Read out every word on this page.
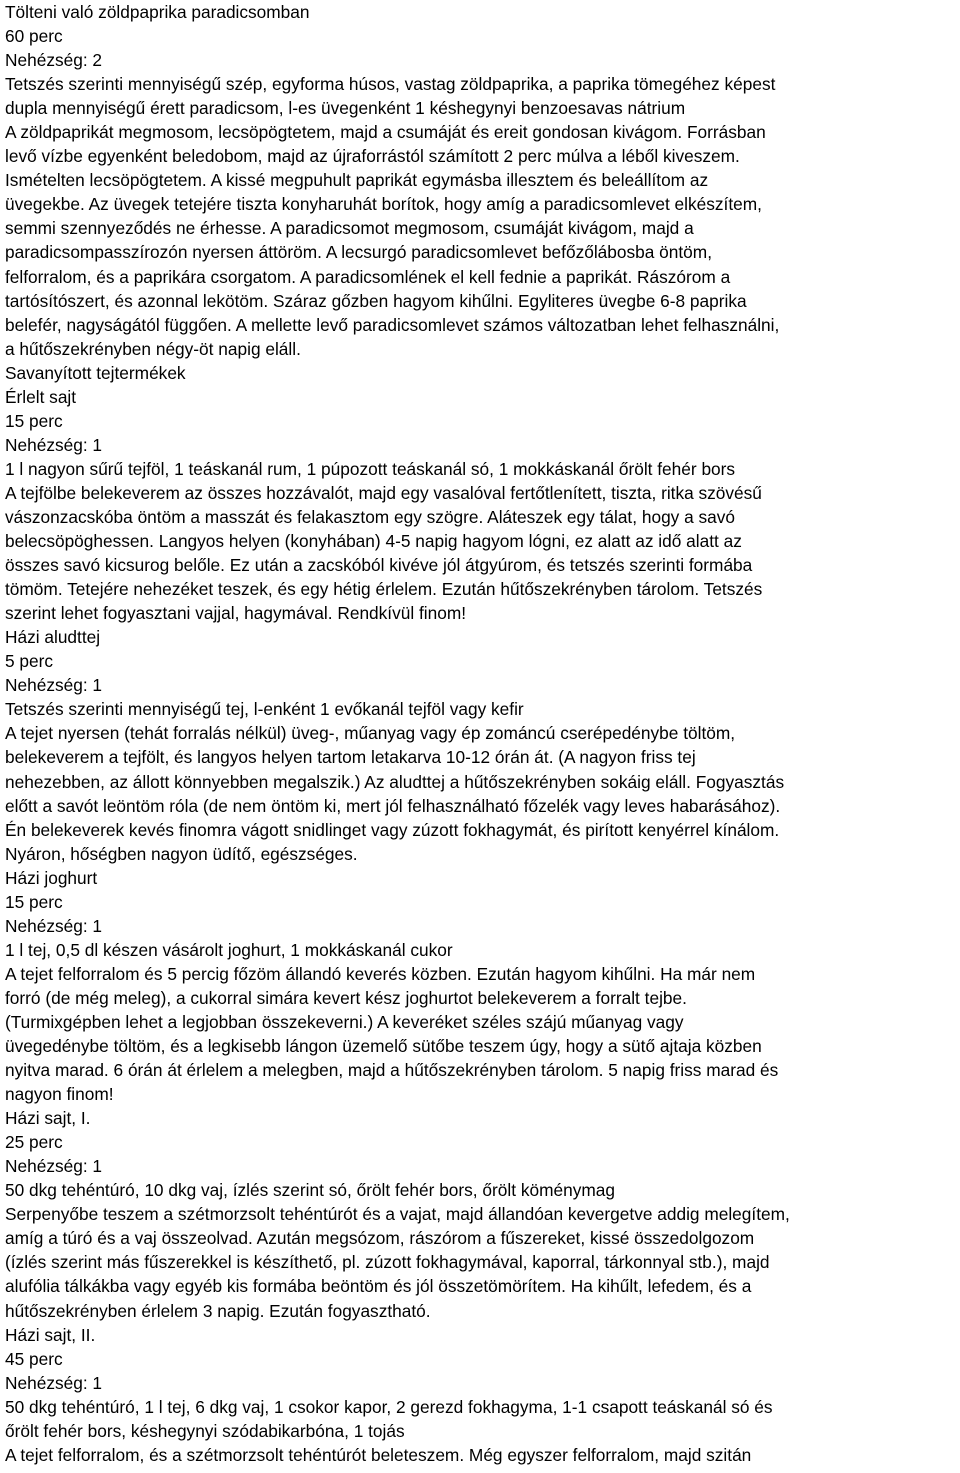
Tölteni való zöldpaprika paradicsomban
60 perc
Nehézség: 2
Tetszés szerinti mennyiségű szép, egyforma húsos, vastag zöldpaprika, a paprika tömegéhez képest
dupla mennyiségű érett paradicsom, l-es üvegenként 1 késhegynyi benzoesavas nátrium
A zöldpaprikát megmosom, lecsöpögtetem, majd a csumáját és ereit gondosan kivágom. Forrásban
levő vízbe egyenként beledobom, majd az újraforrástól számított 2 perc múlva a léből kiveszem.
Ismételten lecsöpögtetem. A kissé megpuhult paprikát egymásba illesztem és beleállítom az
üvegekbe. Az üvegek tetejére tiszta konyharuhát borítok, hogy amíg a paradicsomlevet elkészítem,
semmi szennyeződés ne érhesse. A paradicsomot megmosom, csumáját kivágom, majd a
paradicsompasszírozón nyersen áttöröm. A lecsurgó paradicsomlevet befőzőlábosba öntöm,
felforralom, és a paprikára csorgatom. A paradicsomlének el kell fednie a paprikát. Rászórom a
tartósítószert, és azonnal lekötöm. Száraz gőzben hagyom kihűlni. Egyliteres üvegbe 6-8 paprika
belefér, nagyságától függően. A mellette levő paradicsomlevet számos változatban lehet felhasználni,
a hűtőszekrényben négy-öt napig eláll.
Savanyított tejtermékek
Érlelt sajt
15 perc
Nehézség: 1
1 l nagyon sűrű tejföl, 1 teáskanál rum, 1 púpozott teáskanál só, 1 mokkáskanál őrölt fehér bors
A tejfölbe belekeverem az összes hozzávalót, majd egy vasalóval fertőtlenített, tiszta, ritka szövésű
vászonzacskóba öntöm a masszát és felakasztom egy szögre. Aláteszek egy tálat, hogy a savó
belecsöpöghessen. Langyos helyen (konyhában) 4-5 napig hagyom lógni, ez alatt az idő alatt az
összes savó kicsurog belőle. Ez után a zacskóból kivéve jól átgyúrom, és tetszés szerinti formába
tömöm. Tetejére nehezéket teszek, és egy hétig érlelem. Ezután hűtőszekrényben tárolom. Tetszés
szerint lehet fogyasztani vajjal, hagymával. Rendkívül finom!
Házi aludttej
5 perc
Nehézség: 1
Tetszés szerinti mennyiségű tej, l-enként 1 evőkanál tejföl vagy kefir
A tejet nyersen (tehát forralás nélkül) üveg-, műanyag vagy ép zománcú cserépedénybe töltöm,
belekeverem a tejfölt, és langyos helyen tartom letakarva 10-12 órán át. (A nagyon friss tej
nehezebben, az állott könnyebben megalszik.) Az aludttej a hűtőszekrényben sokáig eláll. Fogyasztás
előtt a savót leöntöm róla (de nem öntöm ki, mert jól felhasználható főzelék vagy leves habarásához).
Én belekeverek kevés finomra vágott snidlinget vagy zúzott fokhagymát, és pirított kenyérrel kínálom.
Nyáron, hőségben nagyon üdítő, egészséges.
Házi joghurt
15 perc
Nehézség: 1
1 l tej, 0,5 dl készen vásárolt joghurt, 1 mokkáskanál cukor
A tejet felforralom és 5 percig főzöm állandó keverés közben. Ezután hagyom kihűlni. Ha már nem
forró (de még meleg), a cukorral simára kevert kész joghurtot belekeverem a forralt tejbe.
(Turmixgépben lehet a legjobban összekeverni.) A keveréket széles szájú műanyag vagy
üvegedénybe töltöm, és a legkisebb lángon üzemelő sütőbe teszem úgy, hogy a sütő ajtaja közben
nyitva marad. 6 órán át érlelem a melegben, majd a hűtőszekrényben tárolom. 5 napig friss marad és
nagyon finom!
Házi sajt, I.
25 perc
Nehézség: 1
50 dkg tehéntúró, 10 dkg vaj, ízlés szerint só, őrölt fehér bors, őrölt köménymag
Serpenyőbe teszem a szétmorzsolt tehéntúrót és a vajat, majd állandóan kevergetve addig melegítem,
amíg a túró és a vaj összeolvad. Azután megsózom, rászórom a fűszereket, kissé összedolgozom
(ízlés szerint más fűszerekkel is készíthető, pl. zúzott fokhagymával, kaporral, tárkonnyal stb.), majd
alufólia tálkákba vagy egyéb kis formába beöntöm és jól összetömörítem. Ha kihűlt, lefedem, és a
hűtőszekrényben érlelem 3 napig. Ezután fogyasztható.
Házi sajt, II.
45 perc
Nehézség: 1
50 dkg tehéntúró, 1 l tej, 6 dkg vaj, 1 csokor kapor, 2 gerezd fokhagyma, 1-1 csapott teáskanál só és
őrölt fehér bors, késhegynyi szódabikarbóna, 1 tojás
A tejet felforralom, és a szétmorzsolt tehéntúrót beleteszem. Még egyszer felforralom, majd szitán
